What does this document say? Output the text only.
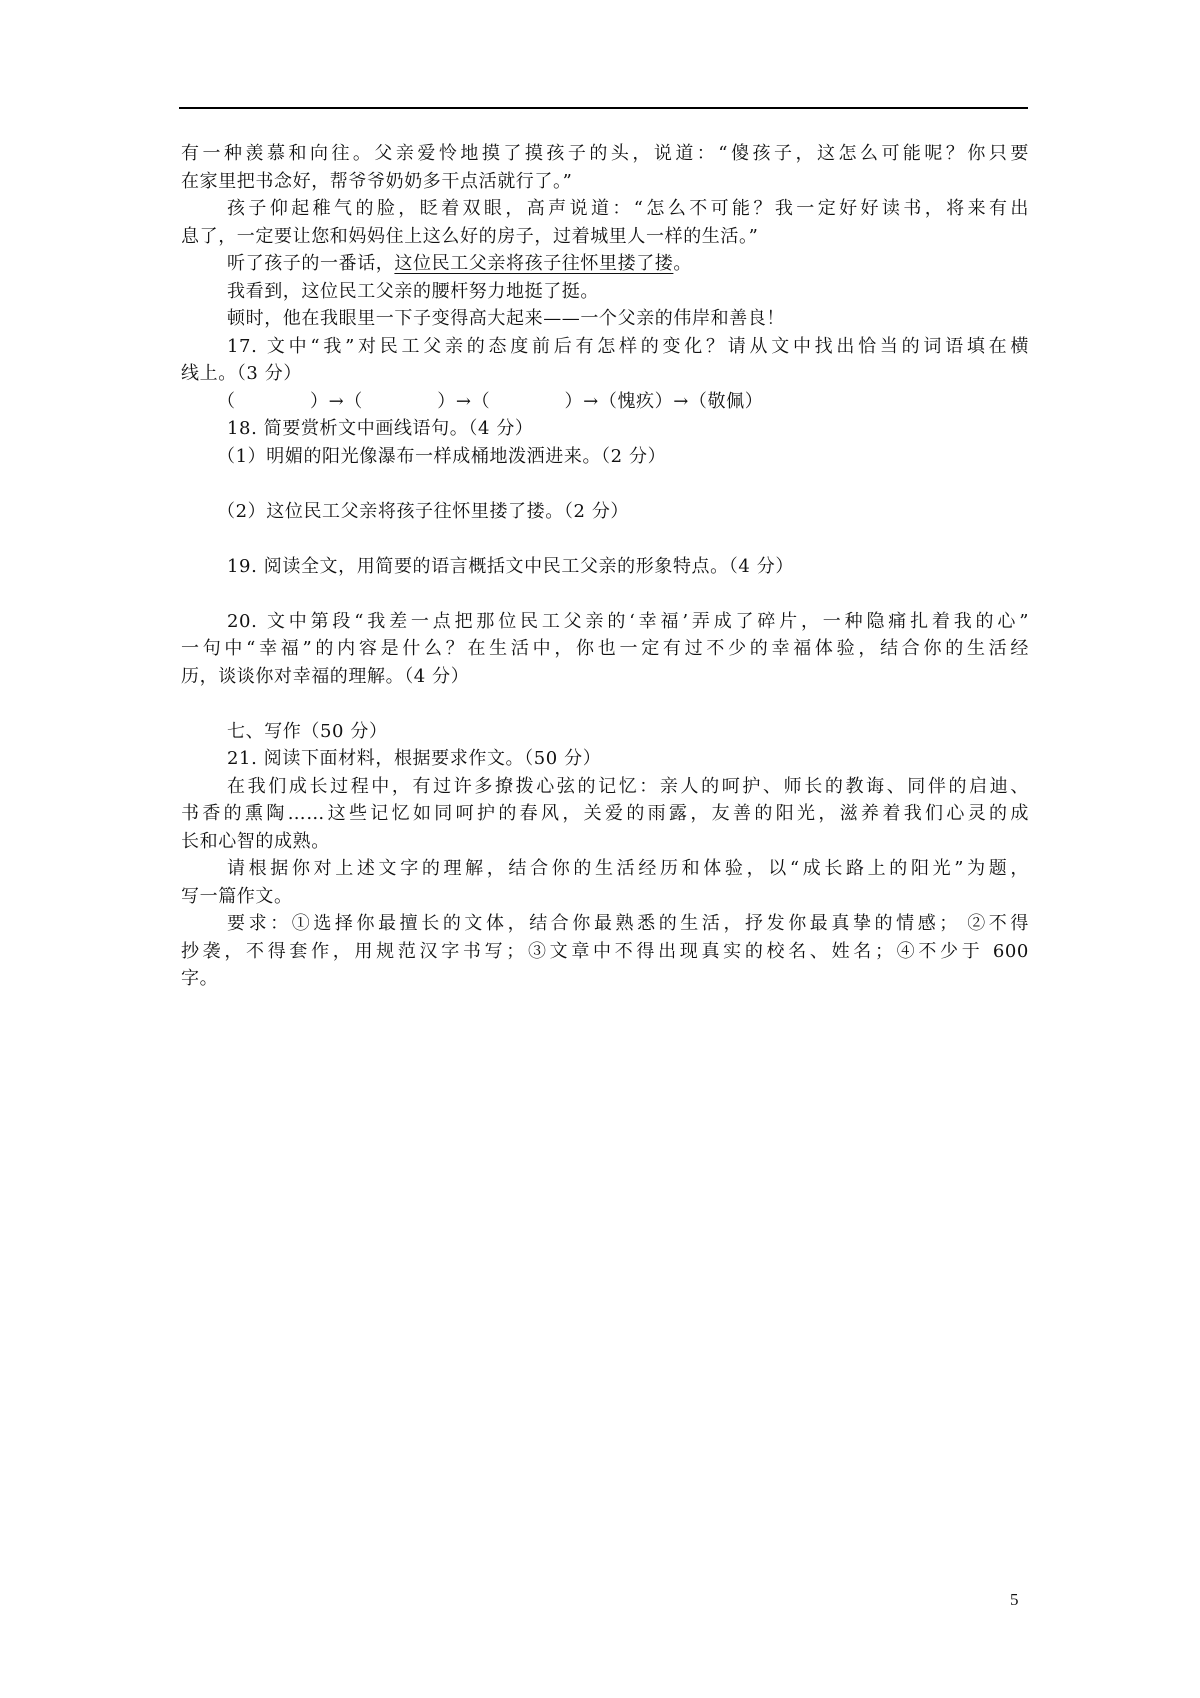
有一种羡慕和向往。父亲爱怜地摸了摸孩子的头，说道：“傻孩子，这怎么可能呢？你只要
在家里把书念好，帮爷爷奶奶多干点活就行了。”
孩子仰起稚气的脸，眨着双眼，高声说道：“怎么不可能？我一定好好读书，将来有出
息了，一定要让您和妈妈住上这么好的房子，过着城里人一样的生活。”
听了孩子的一番话，这位民工父亲将孩子往怀里搂了搂。
我看到，这位民工父亲的腰杆努力地挺了挺。
顿时，他在我眼里一下子变得高大起来——一个父亲的伟岸和善良！
17. 文中“我”对民工父亲的态度前后有怎样的变化？请从文中找出恰当的词语填在横
线上。（3 分）
（　　　　）→（　　　　）→（　　　　）→（愧疚）→（敬佩）
18. 简要赏析文中画线语句。（4 分）
（1）明媚的阳光像瀑布一样成桶地泼洒进来。（2 分）
（2）这位民工父亲将孩子往怀里搂了搂。（2 分）
19. 阅读全文，用简要的语言概括文中民工父亲的形象特点。（4 分）
20. 文中第段“我差一点把那位民工父亲的‘幸福’弄成了碎片，一种隐痛扎着我的心”
一句中“幸福”的内容是什么？在生活中，你也一定有过不少的幸福体验，结合你的生活经
历，谈谈你对幸福的理解。（4 分）
七、写作（50 分）
21. 阅读下面材料，根据要求作文。（50 分）
在我们成长过程中，有过许多撩拨心弦的记忆：亲人的呵护、师长的教诲、同伴的启迪、
书香的熏陶……这些记忆如同呵护的春风，关爱的雨露，友善的阳光，滋养着我们心灵的成
长和心智的成熟。
请根据你对上述文字的理解，结合你的生活经历和体验，以“成长路上的阳光”为题，
写一篇作文。
要求：①选择你最擅长的文体，结合你最熟悉的生活，抒发你最真挚的情感； ②不得
抄袭，不得套作，用规范汉字书写；③文章中不得出现真实的校名、姓名；④不少于 600
字。
5
